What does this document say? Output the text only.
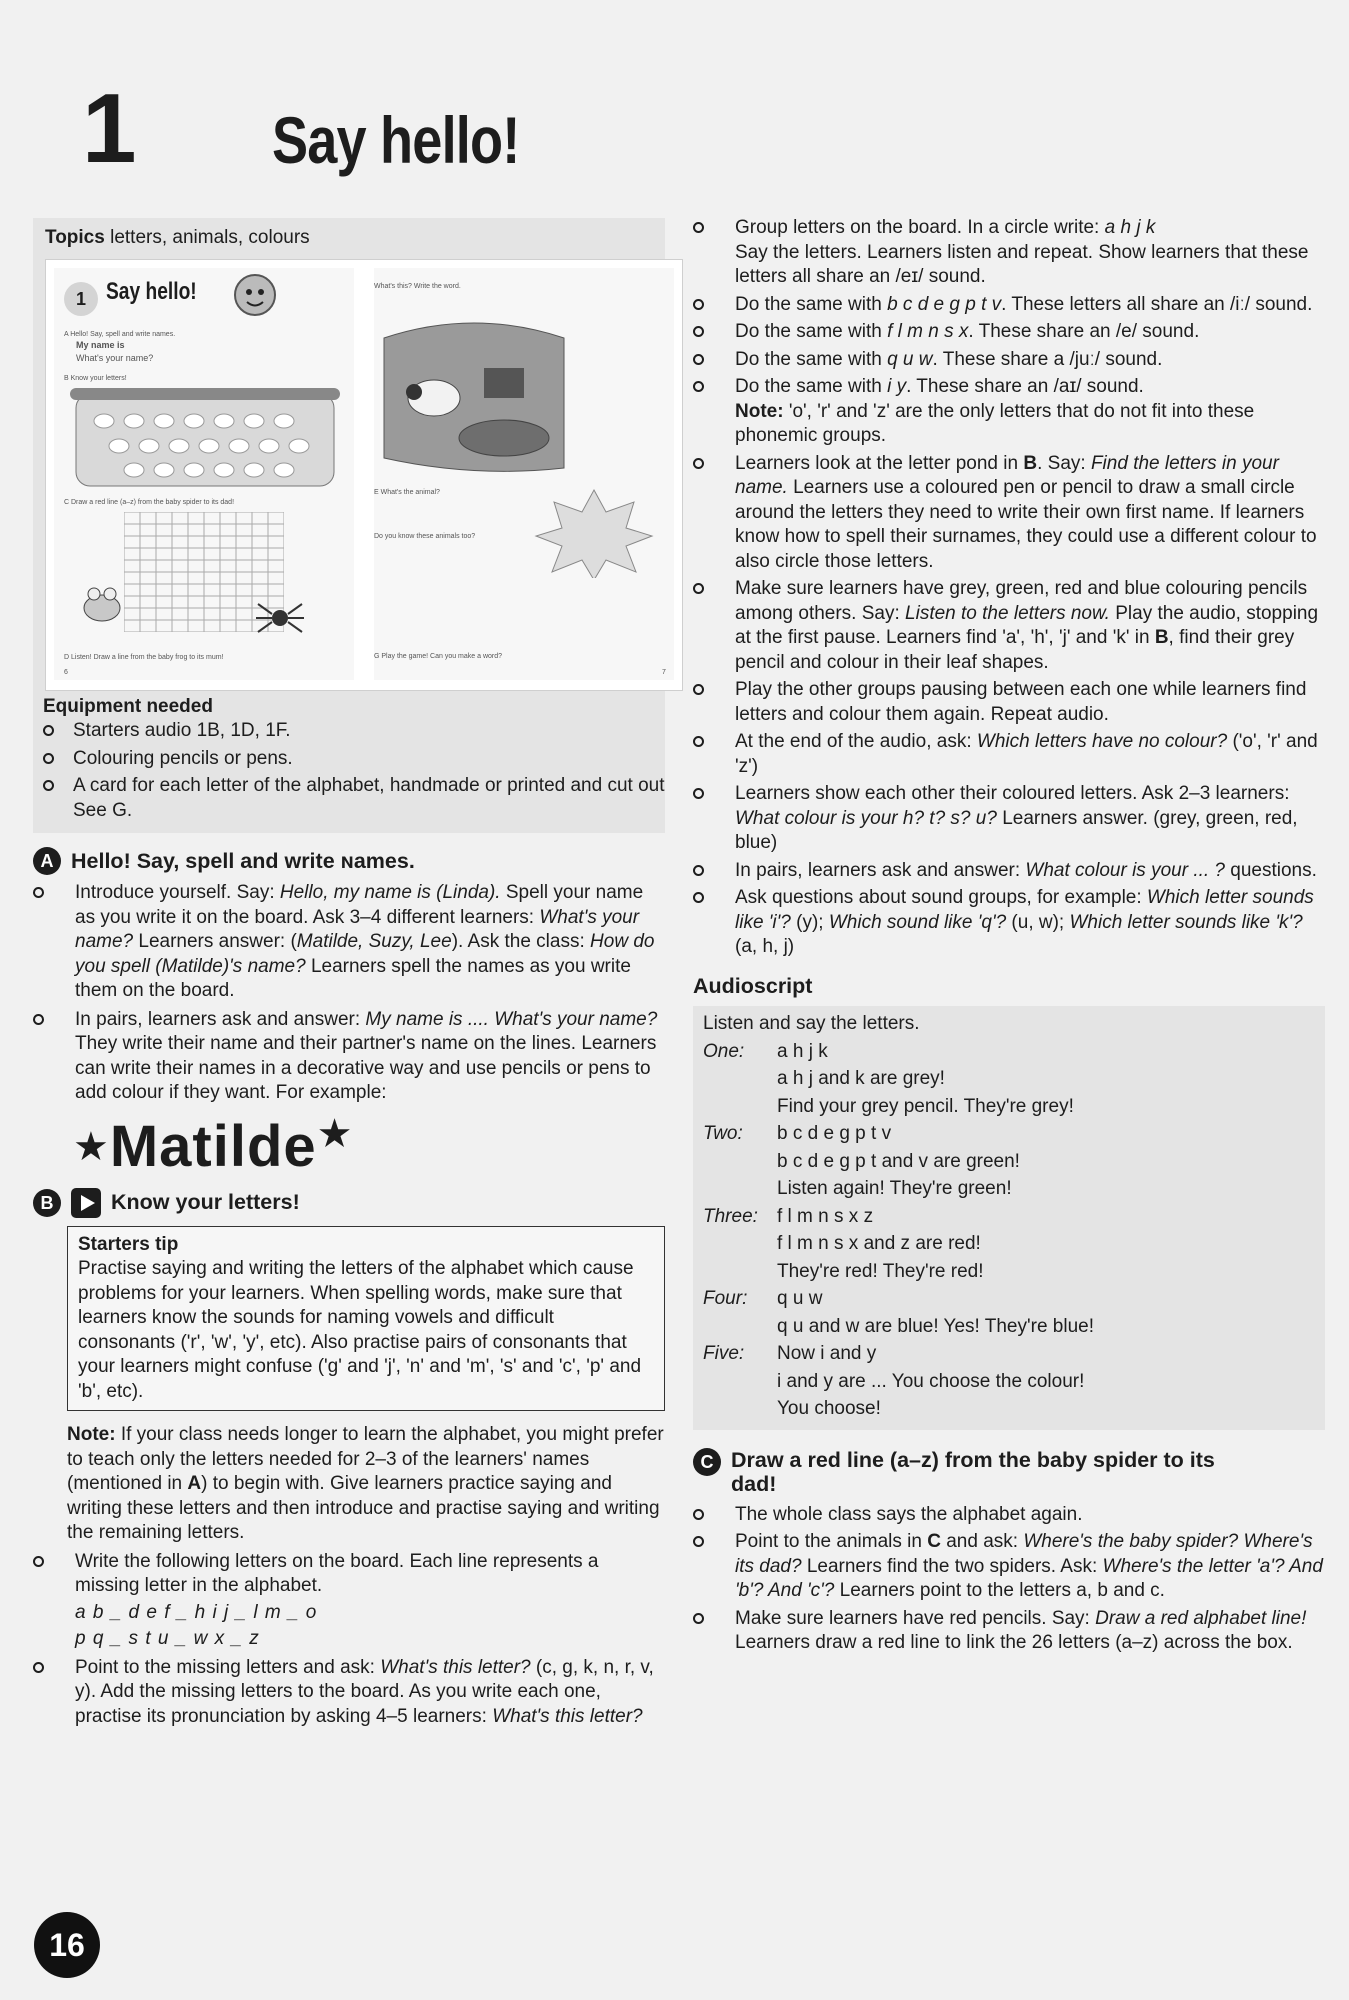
1 Say hello!
Topics letters, animals, colours
1 Say hello!
A Hello! Say, spell and write names.
My name is
What's your name?
B Know your letters!
C Draw a red line (a–z) from the baby spider to its dad!
D Listen! Draw a line from the baby frog to its mum!
6
What's this? Write the word.
E What's the animal?
Do you know these animals too?
G Play the game! Can you make a word?
7
Equipment needed
Starters audio 1B, 1D, 1F.
Colouring pencils or pens.
A card for each letter of the alphabet, handmade or printed and cut out See G.
A Hello! Say, spell and write ɴames.
Introduce yourself. Say: Hello, my name is (Linda). Spell your name as you write it on the board. Ask 3–4 different learners: What's your name? Learners answer: (Matilde, Suzy, Lee). Ask the class: How do you spell (Matilde)'s name? Learners spell the names as you write them on the board.
In pairs, learners ask and answer: My name is .... What's your name? They write their name and their partner's name on the lines. Learners can write their names in a decorative way and use pencils or pens to add colour if they want. For example:
★ Matilde ★
B	Know your letters!
Starters tip
Practise saying and writing the letters of the alphabet which cause problems for your learners. When spelling words, make sure that learners know the sounds for naming vowels and difficult consonants ('r', 'w', 'y', etc). Also practise pairs of consonants that your learners might confuse ('g' and 'j', 'n' and 'm', 's' and 'c', 'p' and 'b', etc).
Note: If your class needs longer to learn the alphabet, you might prefer to teach only the letters needed for 2–3 of the learners' names (mentioned in A) to begin with. Give learners practice saying and writing these letters and then introduce and practise saying and writing the remaining letters.
Write the following letters on the board. Each line represents a missing letter in the alphabet.
a b _ d e f _ h i j _ l m _ o
p q _ s t u _ w x _ z
Point to the missing letters and ask: What's this letter? (c, g, k, n, r, v, y). Add the missing letters to the board. As you write each one, practise its pronunciation by asking 4–5 learners: What's this letter?
Group letters on the board. In a circle write: a h j k
Say the letters. Learners listen and repeat. Show learners that these letters all share an /eɪ/ sound.
Do the same with b c d e g p t v. These letters all share an /iː/ sound.
Do the same with f l m n s x. These share an /e/ sound.
Do the same with q u w. These share a /juː/ sound.
Do the same with i y. These share an /aɪ/ sound.
Note: 'o', 'r' and 'z' are the only letters that do not fit into these phonemic groups.
Learners look at the letter pond in B. Say: Find the letters in your name. Learners use a coloured pen or pencil to draw a small circle around the letters they need to write their own first name. If learners know how to spell their surnames, they could use a different colour to also circle those letters.
Make sure learners have grey, green, red and blue colouring pencils among others. Say: Listen to the letters now. Play the audio, stopping at the first pause. Learners find 'a', 'h', 'j' and 'k' in B, find their grey pencil and colour in their leaf shapes.
Play the other groups pausing between each one while learners find letters and colour them again. Repeat audio.
At the end of the audio, ask: Which letters have no colour? ('o', 'r' and 'z')
Learners show each other their coloured letters. Ask 2–3 learners: What colour is your h? t? s? u? Learners answer. (grey, green, red, blue)
In pairs, learners ask and answer: What colour is your ... ? questions.
Ask questions about sound groups, for example: Which letter sounds like 'i'? (y); Which sound like 'q'? (u, w); Which letter sounds like 'k'? (a, h, j)
Audioscript
Listen and say the letters.
One:	a h j k
a h j and k are grey!
Find your grey pencil. They're grey!
Two:	b c d e g p t v
b c d e g p t and v are green!
Listen again! They're green!
Three:	f l m n s x z
f l m n s x and z are red!
They're red! They're red!
Four:	q u w
q u and w are blue! Yes! They're blue!
Five:	Now i and y
i and y are ... You choose the colour!
You choose!
C Draw a red line (a–z) from the baby spider to its dad!
The whole class says the alphabet again.
Point to the animals in C and ask: Where's the baby spider? Where's its dad? Learners find the two spiders. Ask: Where's the letter 'a'? And 'b'? And 'c'? Learners point to the letters a, b and c.
Make sure learners have red pencils. Say: Draw a red alphabet line! Learners draw a red line to link the 26 letters (a–z) across the box.
16
